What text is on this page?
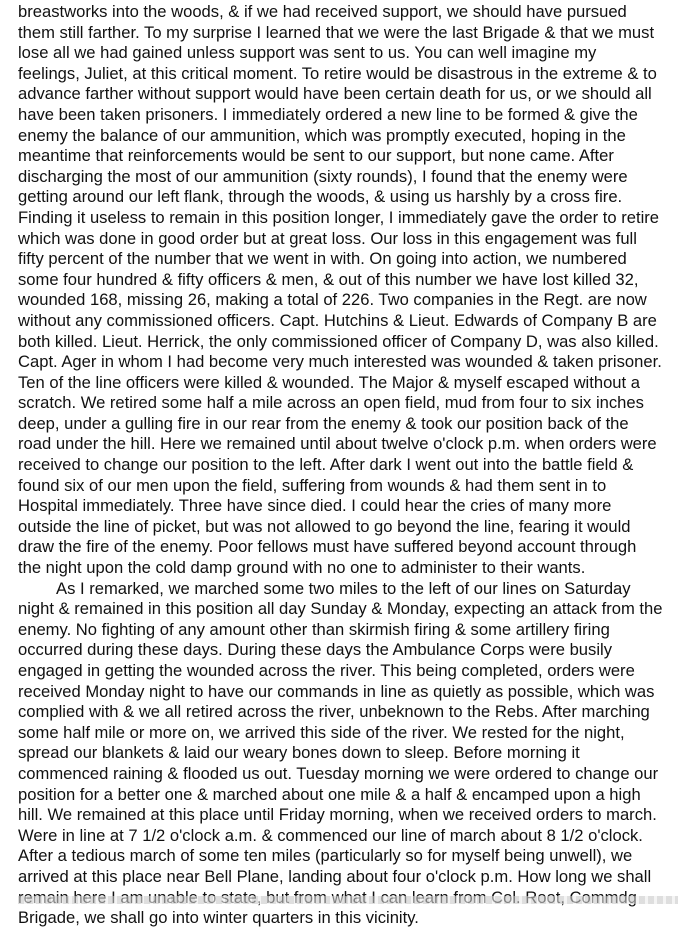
breastworks into the woods, & if we had received support, we should have pursued
them still farther. To my surprise I learned that we were the last Brigade & that we must
lose all we had gained unless support was sent to us. You can well imagine my
feelings, Juliet, at this critical moment. To retire would be disastrous in the extreme & to
advance farther without support would have been certain death for us, or we should all
have been taken prisoners. I immediately ordered a new line to be formed & give the
enemy the balance of our ammunition, which was promptly executed, hoping in the
meantime that reinforcements would be sent to our support, but none came. After
discharging the most of our ammunition (sixty rounds), I found that the enemy were
getting around our left flank, through the woods, & using us harshly by a cross fire.
Finding it useless to remain in this position longer, I immediately gave the order to retire
which was done in good order but at great loss. Our loss in this engagement was full
fifty percent of the number that we went in with. On going into action, we numbered
some four hundred & fifty officers & men, & out of this number we have lost killed 32,
wounded 168, missing 26, making a total of 226. Two companies in the Regt. are now
without any commissioned officers. Capt. Hutchins & Lieut. Edwards of Company B are
both killed. Lieut. Herrick, the only commissioned officer of Company D, was also killed.
Capt. Ager in whom I had become very much interested was wounded & taken prisoner.
Ten of the line officers were killed & wounded. The Major & myself escaped without a
scratch. We retired some half a mile across an open field, mud from four to six inches
deep, under a gulling fire in our rear from the enemy & took our position back of the
road under the hill. Here we remained until about twelve o'clock p.m. when orders were
received to change our position to the left. After dark I went out into the battle field &
found six of our men upon the field, suffering from wounds & had them sent in to
Hospital immediately. Three have since died. I could hear the cries of many more
outside the line of picket, but was not allowed to go beyond the line, fearing it would
draw the fire of the enemy. Poor fellows must have suffered beyond account through
the night upon the cold damp ground with no one to administer to their wants.
As I remarked, we marched some two miles to the left of our lines on Saturday
night & remained in this position all day Sunday & Monday, expecting an attack from the
enemy. No fighting of any amount other than skirmish firing & some artillery firing
occurred during these days. During these days the Ambulance Corps were busily
engaged in getting the wounded across the river. This being completed, orders were
received Monday night to have our commands in line as quietly as possible, which was
complied with & we all retired across the river, unbeknown to the Rebs. After marching
some half mile or more on, we arrived this side of the river. We rested for the night,
spread our blankets & laid our weary bones down to sleep. Before morning it
commenced raining & flooded us out. Tuesday morning we were ordered to change our
position for a better one & marched about one mile & a half & encamped upon a high
hill. We remained at this place until Friday morning, when we received orders to march.
Were in line at 7 1/2 o'clock a.m. & commenced our line of march about 8 1/2 o'clock.
After a tedious march of some ten miles (particularly so for myself being unwell), we
arrived at this place near Bell Plane, landing about four o'clock p.m. How long we shall
Brigade, we shall go into winter quarters in this vicinity.
